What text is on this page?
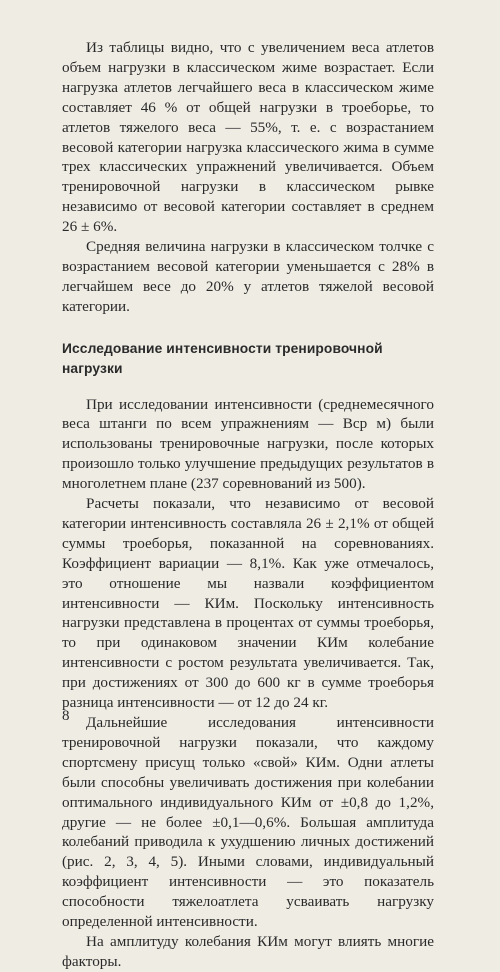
Из таблицы видно, что с увеличением веса атлетов объем нагрузки в классическом жиме возрастает. Если нагрузка атлетов легчайшего веса в классическом жиме составляет 46 % от общей нагрузки в троеборье, то атлетов тяжелого веса — 55%, т. е. с возрастанием весовой категории нагрузка классического жима в сумме трех классических упражнений увеличивается. Объем тренировочной нагрузки в классическом рывке независимо от весовой категории составляет в среднем 26 ± 6%.

Средняя величина нагрузки в классическом толчке с возрастанием весовой категории уменьшается с 28% в легчайшем весе до 20% у атлетов тяжелой весовой категории.

Исследование интенсивности тренировочной нагрузки

При исследовании интенсивности (среднемесячного веса штанги по всем упражнениям — Вср м) были использованы тренировочные нагрузки, после которых произошло только улучшение предыдущих результатов в многолетнем плане (237 соревнований из 500).

Расчеты показали, что независимо от весовой категории интенсивность составляла 26 ± 2,1% от общей суммы троеборья, показанной на соревнованиях. Коэффициент вариации — 8,1%. Как уже отмечалось, это отношение мы назвали коэффициентом интенсивности — КИм. Поскольку интенсивность нагрузки представлена в процентах от суммы троеборья, то при одинаковом значении КИм колебание интенсивности с ростом результата увеличивается. Так, при достижениях от 300 до 600 кг в сумме троеборья разница интенсивности — от 12 до 24 кг.

Дальнейшие исследования интенсивности тренировочной нагрузки показали, что каждому спортсмену присущ только «свой» КИм. Одни атлеты были способны увеличивать достижения при колебании оптимального индивидуального КИм от ±0,8 до 1,2%, другие — не более ±0,1—0,6%. Большая амплитуда колебаний приводила к ухудшению личных достижений (рис. 2, 3, 4, 5). Иными словами, индивидуальный коэффициент интенсивности — это показатель способности тяжелоатлета усваивать нагрузку определенной интенсивности.

На амплитуду колебания КИм могут влиять многие факторы.

8
